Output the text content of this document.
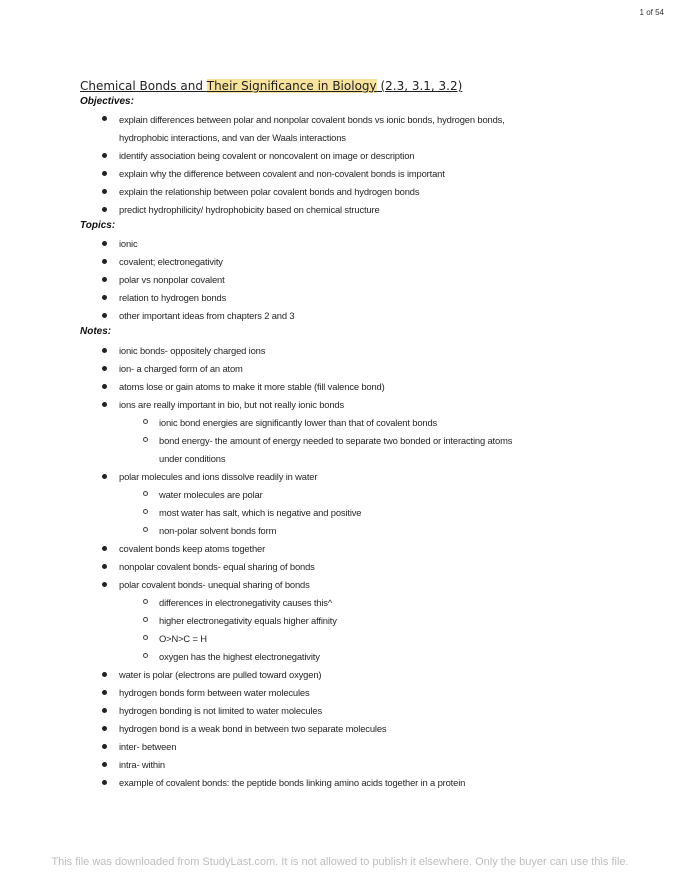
1 of 54
Chemical Bonds and Their Significance in Biology (2.3, 3.1, 3.2)
Objectives:
explain differences between polar and nonpolar covalent bonds vs ionic bonds, hydrogen bonds,
hydrophobic interactions, and van der Waals interactions
identify association being covalent or noncovalent on image or description
explain why the difference between covalent and non-covalent bonds is important
explain the relationship between polar covalent bonds and hydrogen bonds
predict hydrophilicity/ hydrophobicity based on chemical structure
Topics:
ionic
covalent; electronegativity
polar vs nonpolar covalent
relation to hydrogen bonds
other important ideas from chapters 2 and 3
Notes:
ionic bonds- oppositely charged ions
ion- a charged form of an atom
atoms lose or gain atoms to make it more stable (fill valence bond)
ions are really important in bio, but not really ionic bonds
ionic bond energies are significantly lower than that of covalent bonds
bond energy- the amount of energy needed to separate two bonded or interacting atoms
under conditions
polar molecules and ions dissolve readily in water
water molecules are polar
most water has salt, which is negative and positive
non-polar solvent bonds form
covalent bonds keep atoms together
nonpolar covalent bonds- equal sharing of bonds
polar covalent bonds- unequal sharing of bonds
differences in electronegativity causes this^
higher electronegativity equals higher affinity
O>N>C = H
oxygen has the highest electronegativity
water is polar (electrons are pulled toward oxygen)
hydrogen bonds form between water molecules
hydrogen bonding is not limited to water molecules
hydrogen bond is a weak bond in between two separate molecules
inter- between
intra- within
example of covalent bonds: the peptide bonds linking amino acids together in a protein
This file was downloaded from StudyLast.com. It is not allowed to publish it elsewhere. Only the buyer can use this file.
